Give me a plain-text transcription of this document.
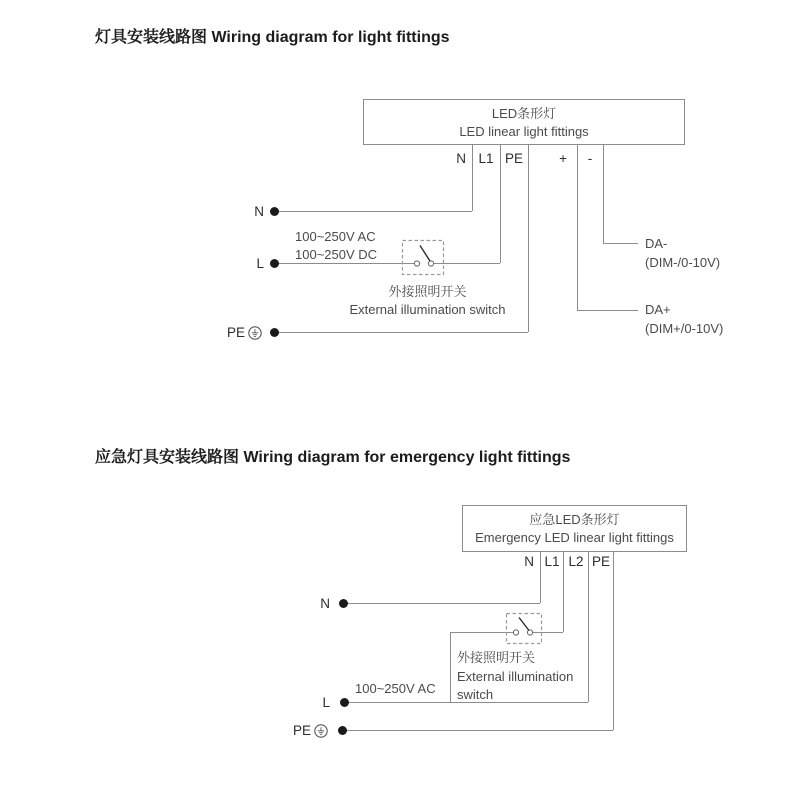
灯具安装线路图 Wiring diagram for light fittings
LED条形灯
LED linear light fittings
N L1 PE	+	-
N
L
100~250V AC
100~250V DC
PE
外接照明开关
External illumination switch
DA-
(DIM-/0-10V)
DA+
(DIM+/0-10V)
应急灯具安装线路图 Wiring diagram for emergency light fittings
应急LED条形灯
Emergency LED linear light fittings
N L1 L2 PE
N
L
100~250V AC
PE
外接照明开关
External illumination
switch
